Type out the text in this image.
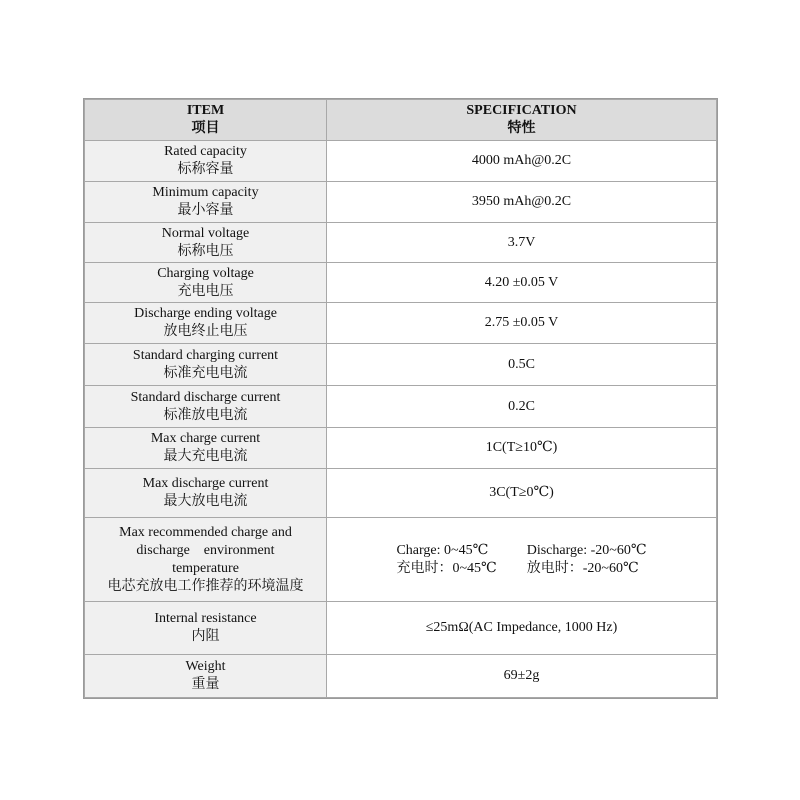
ITEM
项目	SPECIFICATION
特性

Rated capacity
标称容量	4000 mAh@0.2C

Minimum capacity
最小容量	3950 mAh@0.2C

Normal voltage
标称电压	3.7V

Charging voltage
充电电压	4.20 ±0.05 V

Discharge ending voltage
放电终止电压	2.75 ±0.05 V

Standard charging current
标准充电电流	0.5C

Standard discharge current
标准放电电流	0.2C

Max charge current
最大充电电流	1C(T≥10℃)

Max discharge current
最大放电电流	3C(T≥0℃)

Max recommended charge and
discharge    environment
temperature
电芯充放电工作推荐的环境温度	Charge: 0~45℃ Discharge: -20~60℃
充电时：0~45℃ 放电时：-20~60℃

Internal resistance
内阻	≤25mΩ(AC Impedance, 1000 Hz)

Weight
重量	69±2g
